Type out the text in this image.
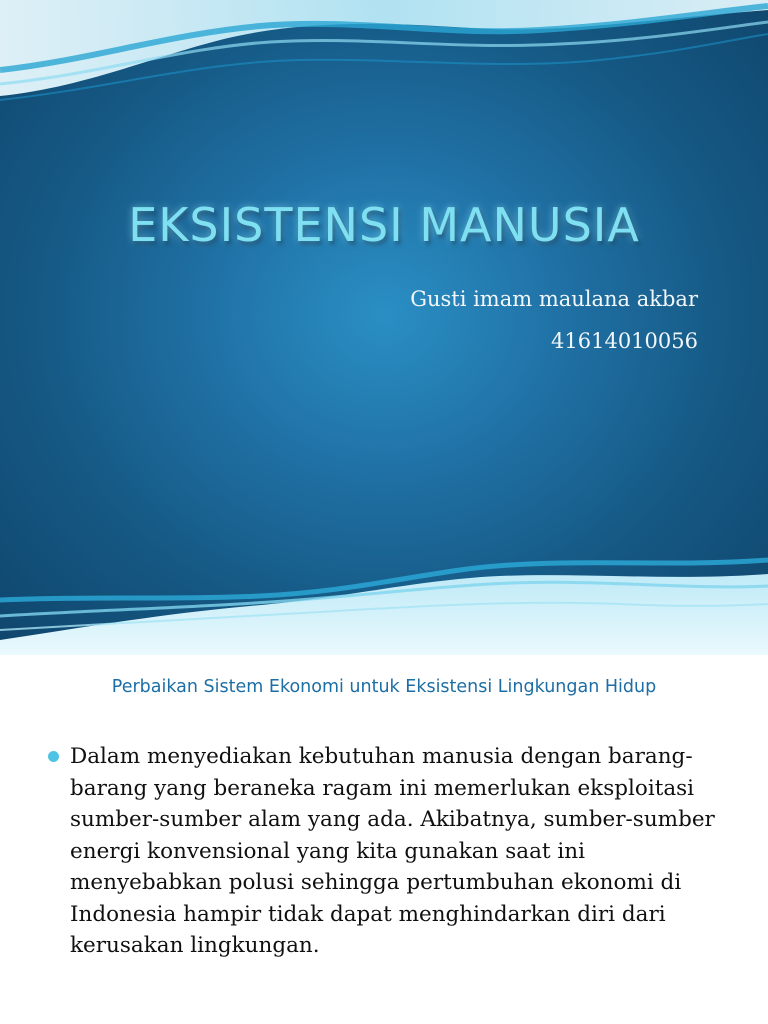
EKSISTENSI MANUSIA
Gusti imam maulana akbar
41614010056
Perbaikan Sistem Ekonomi untuk Eksistensi Lingkungan Hidup
Dalam menyediakan kebutuhan manusia dengan barang-barang yang beraneka ragam ini memerlukan eksploitasi sumber-sumber alam yang ada. Akibatnya, sumber-sumber energi konvensional yang kita gunakan saat ini menyebabkan polusi sehingga pertumbuhan ekonomi di Indonesia hampir tidak dapat menghindarkan diri dari kerusakan lingkungan.
